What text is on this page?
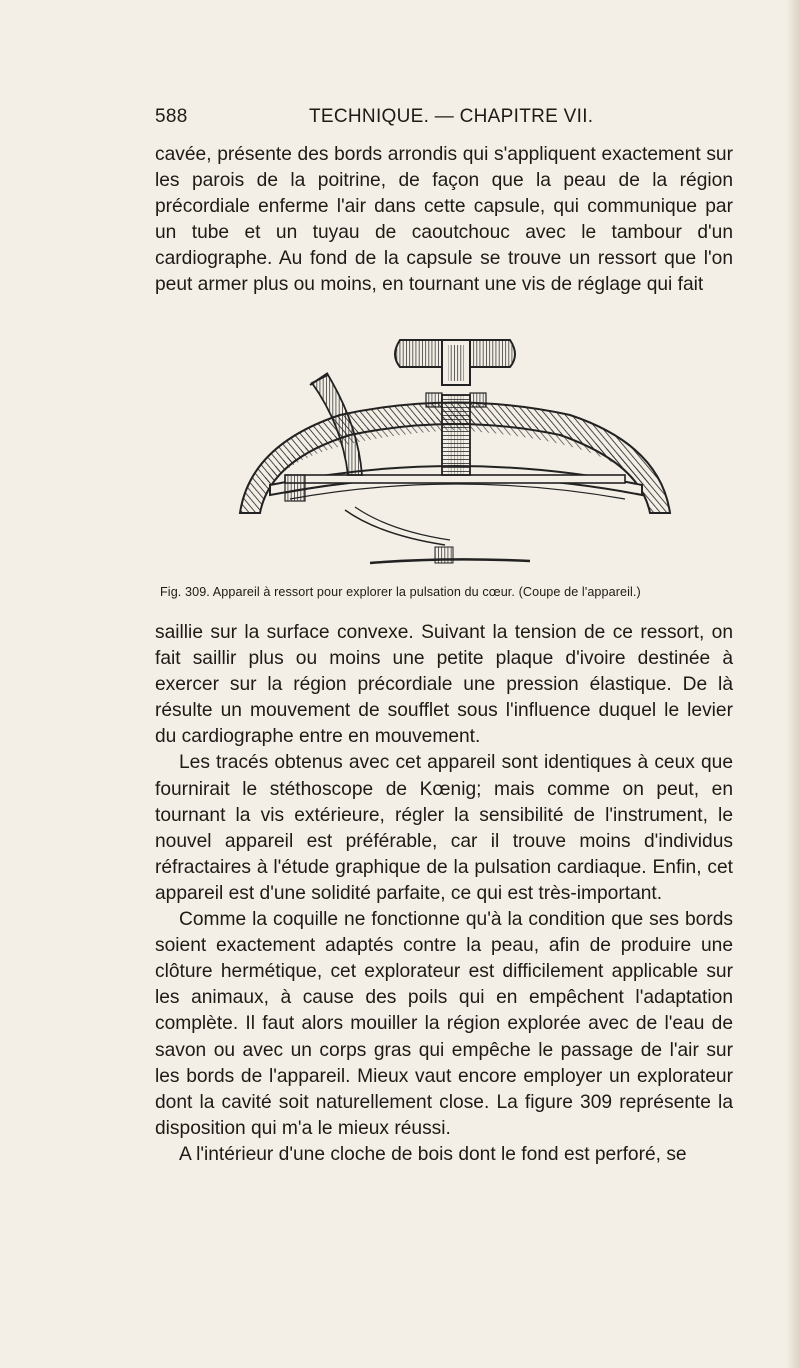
588	TECHNIQUE. — CHAPITRE VII.

cavée, présente des bords arrondis qui s'appliquent exactement sur les parois de la poitrine, de façon que la peau de la région précordiale enferme l'air dans cette capsule, qui communique par un tube et un tuyau de caoutchouc avec le tambour d'un cardiographe. Au fond de la capsule se trouve un ressort que l'on peut armer plus ou moins, en tournant une vis de réglage qui fait

Fig. 309. Appareil à ressort pour explorer la pulsation du cœur. (Coupe de l'appareil.)

saillie sur la surface convexe. Suivant la tension de ce ressort, on fait saillir plus ou moins une petite plaque d'ivoire destinée à exercer sur la région précordiale une pression élastique. De là résulte un mouvement de soufflet sous l'influence duquel le levier du cardiographe entre en mouvement.

Les tracés obtenus avec cet appareil sont identiques à ceux que fournirait le stéthoscope de Kœnig; mais comme on peut, en tournant la vis extérieure, régler la sensibilité de l'instrument, le nouvel appareil est préférable, car il trouve moins d'individus réfractaires à l'étude graphique de la pulsation cardiaque. Enfin, cet appareil est d'une solidité parfaite, ce qui est très-important.

Comme la coquille ne fonctionne qu'à la condition que ses bords soient exactement adaptés contre la peau, afin de produire une clôture hermétique, cet explorateur est difficilement applicable sur les animaux, à cause des poils qui en empêchent l'adaptation complète. Il faut alors mouiller la région explorée avec de l'eau de savon ou avec un corps gras qui empêche le passage de l'air sur les bords de l'appareil. Mieux vaut encore employer un explorateur dont la cavité soit naturellement close. La figure 309 représente la disposition qui m'a le mieux réussi.

A l'intérieur d'une cloche de bois dont le fond est perforé, se
